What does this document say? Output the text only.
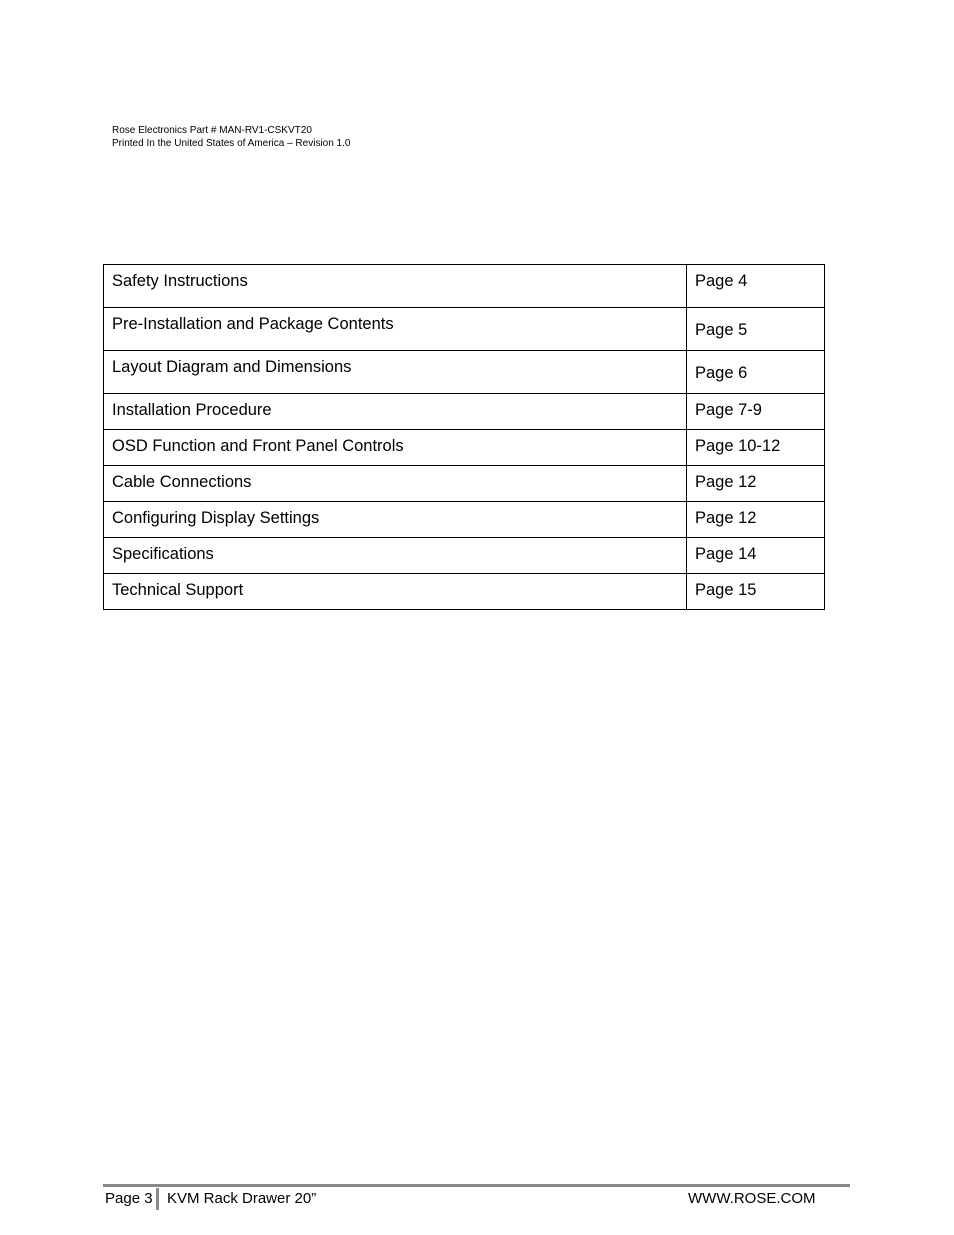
Rose Electronics Part # MAN-RV1-CSKVT20
Printed In the United States of America – Revision 1.0
Safety Instructions	Page 4

Pre-Installation and Package Contents	Page 5

Layout Diagram and Dimensions	Page 6

Installation Procedure	Page 7-9

OSD Function and Front Panel Controls	Page 10-12

Cable Connections	Page 12

Configuring Display Settings	Page 12

Specifications	Page 14

Technical Support	Page 15
Page 3 KVM Rack Drawer 20”	WWW.ROSE.COM
